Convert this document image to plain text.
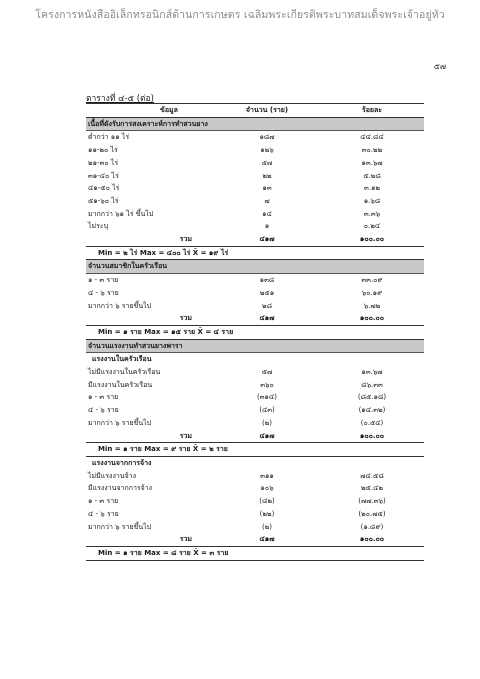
โครงการหนังสืออิเล็กทรอนิกส์ด้านการเกษตร เฉลิมพระเกียรติพระบาทสมเด็จพระเจ้าอยู่หัว
๕๗
ตารางที่ ๔-๕ (ต่อ)
ข้อมูล	จำนวน (ราย)	ร้อยละ
เนื้อที่ดังรับการสงเคราะห์การทำสวนยาง		
ต่ำกว่า ๑๑ ไร่	๑๘๗	๔๔.๘๔
๑๑-๒๐ ไร่	๑๒๖	๓๐.๒๒
๒๑-๓๐ ไร่	๕๗	๑๓.๖๗
๓๑-๔๐ ไร่	๒๒	๕.๒๘
๔๑-๕๐ ไร่	๑๓	๓.๑๒
๕๑-๖๐ ไร่	๗	๑.๖๘
มากกว่า ๖๑ ไร่ ขึ้นไป	๑๔	๓.๓๖
ไม่ระบุ	๑	๐.๒๔
รวม	๔๑๗	๑๐๐.๐๐
Min = ๒ ไร่ Max = ๔๐๐ ไร่ X̄ = ๑๙ ไร่		
จำนวนสมาชิกในครัวเรือน		
๑ - ๓ ราย	๑๓๘	๓๓.๐๙
๔ - ๖ ราย	๒๕๑	๖๐.๑๙
มากกว่า ๖ รายขึ้นไป	๒๘	๖.๗๒
รวม	๔๑๗	๑๐๐.๐๐
Min = ๑ ราย Max = ๑๕ ราย X̄ = ๔ ราย		
จำนวนแรงงานทำสวนยางพารา		
แรงงานในครัวเรือน		
ไม่มีแรงงานในครัวเรือน	๕๗	๑๓.๖๗
มีแรงงานในครัวเรือน	๓๖๐	๘๖.๓๓
๑ - ๓ ราย	(๓๑๔)	(๘๕.๑๘)
๔ - ๖ ราย	(๔๓)	(๑๔.๓๒)
มากกว่า ๖ รายขึ้นไป	(๒)	(๐.๕๔)
รวม	๔๑๗	๑๐๐.๐๐
Min = ๑ ราย Max = ๙ ราย X̄ = ๒ ราย		
แรงงานจากการจ้าง		
ไม่มีแรงงานจ้าง	๓๑๑	๗๔.๕๘
มีแรงงานจากการจ้าง	๑๐๖	๒๕.๔๒
๑ - ๓ ราย	(๘๒)	(๗๗.๓๖)
๔ - ๖ ราย	(๒๒)	(๒๐.๗๕)
มากกว่า ๖ รายขึ้นไป	(๒)	(๑.๘๙)
รวม	๔๑๗	๑๐๐.๐๐
Min = ๑ ราย Max = ๘ ราย X̄ = ๓ ราย		
